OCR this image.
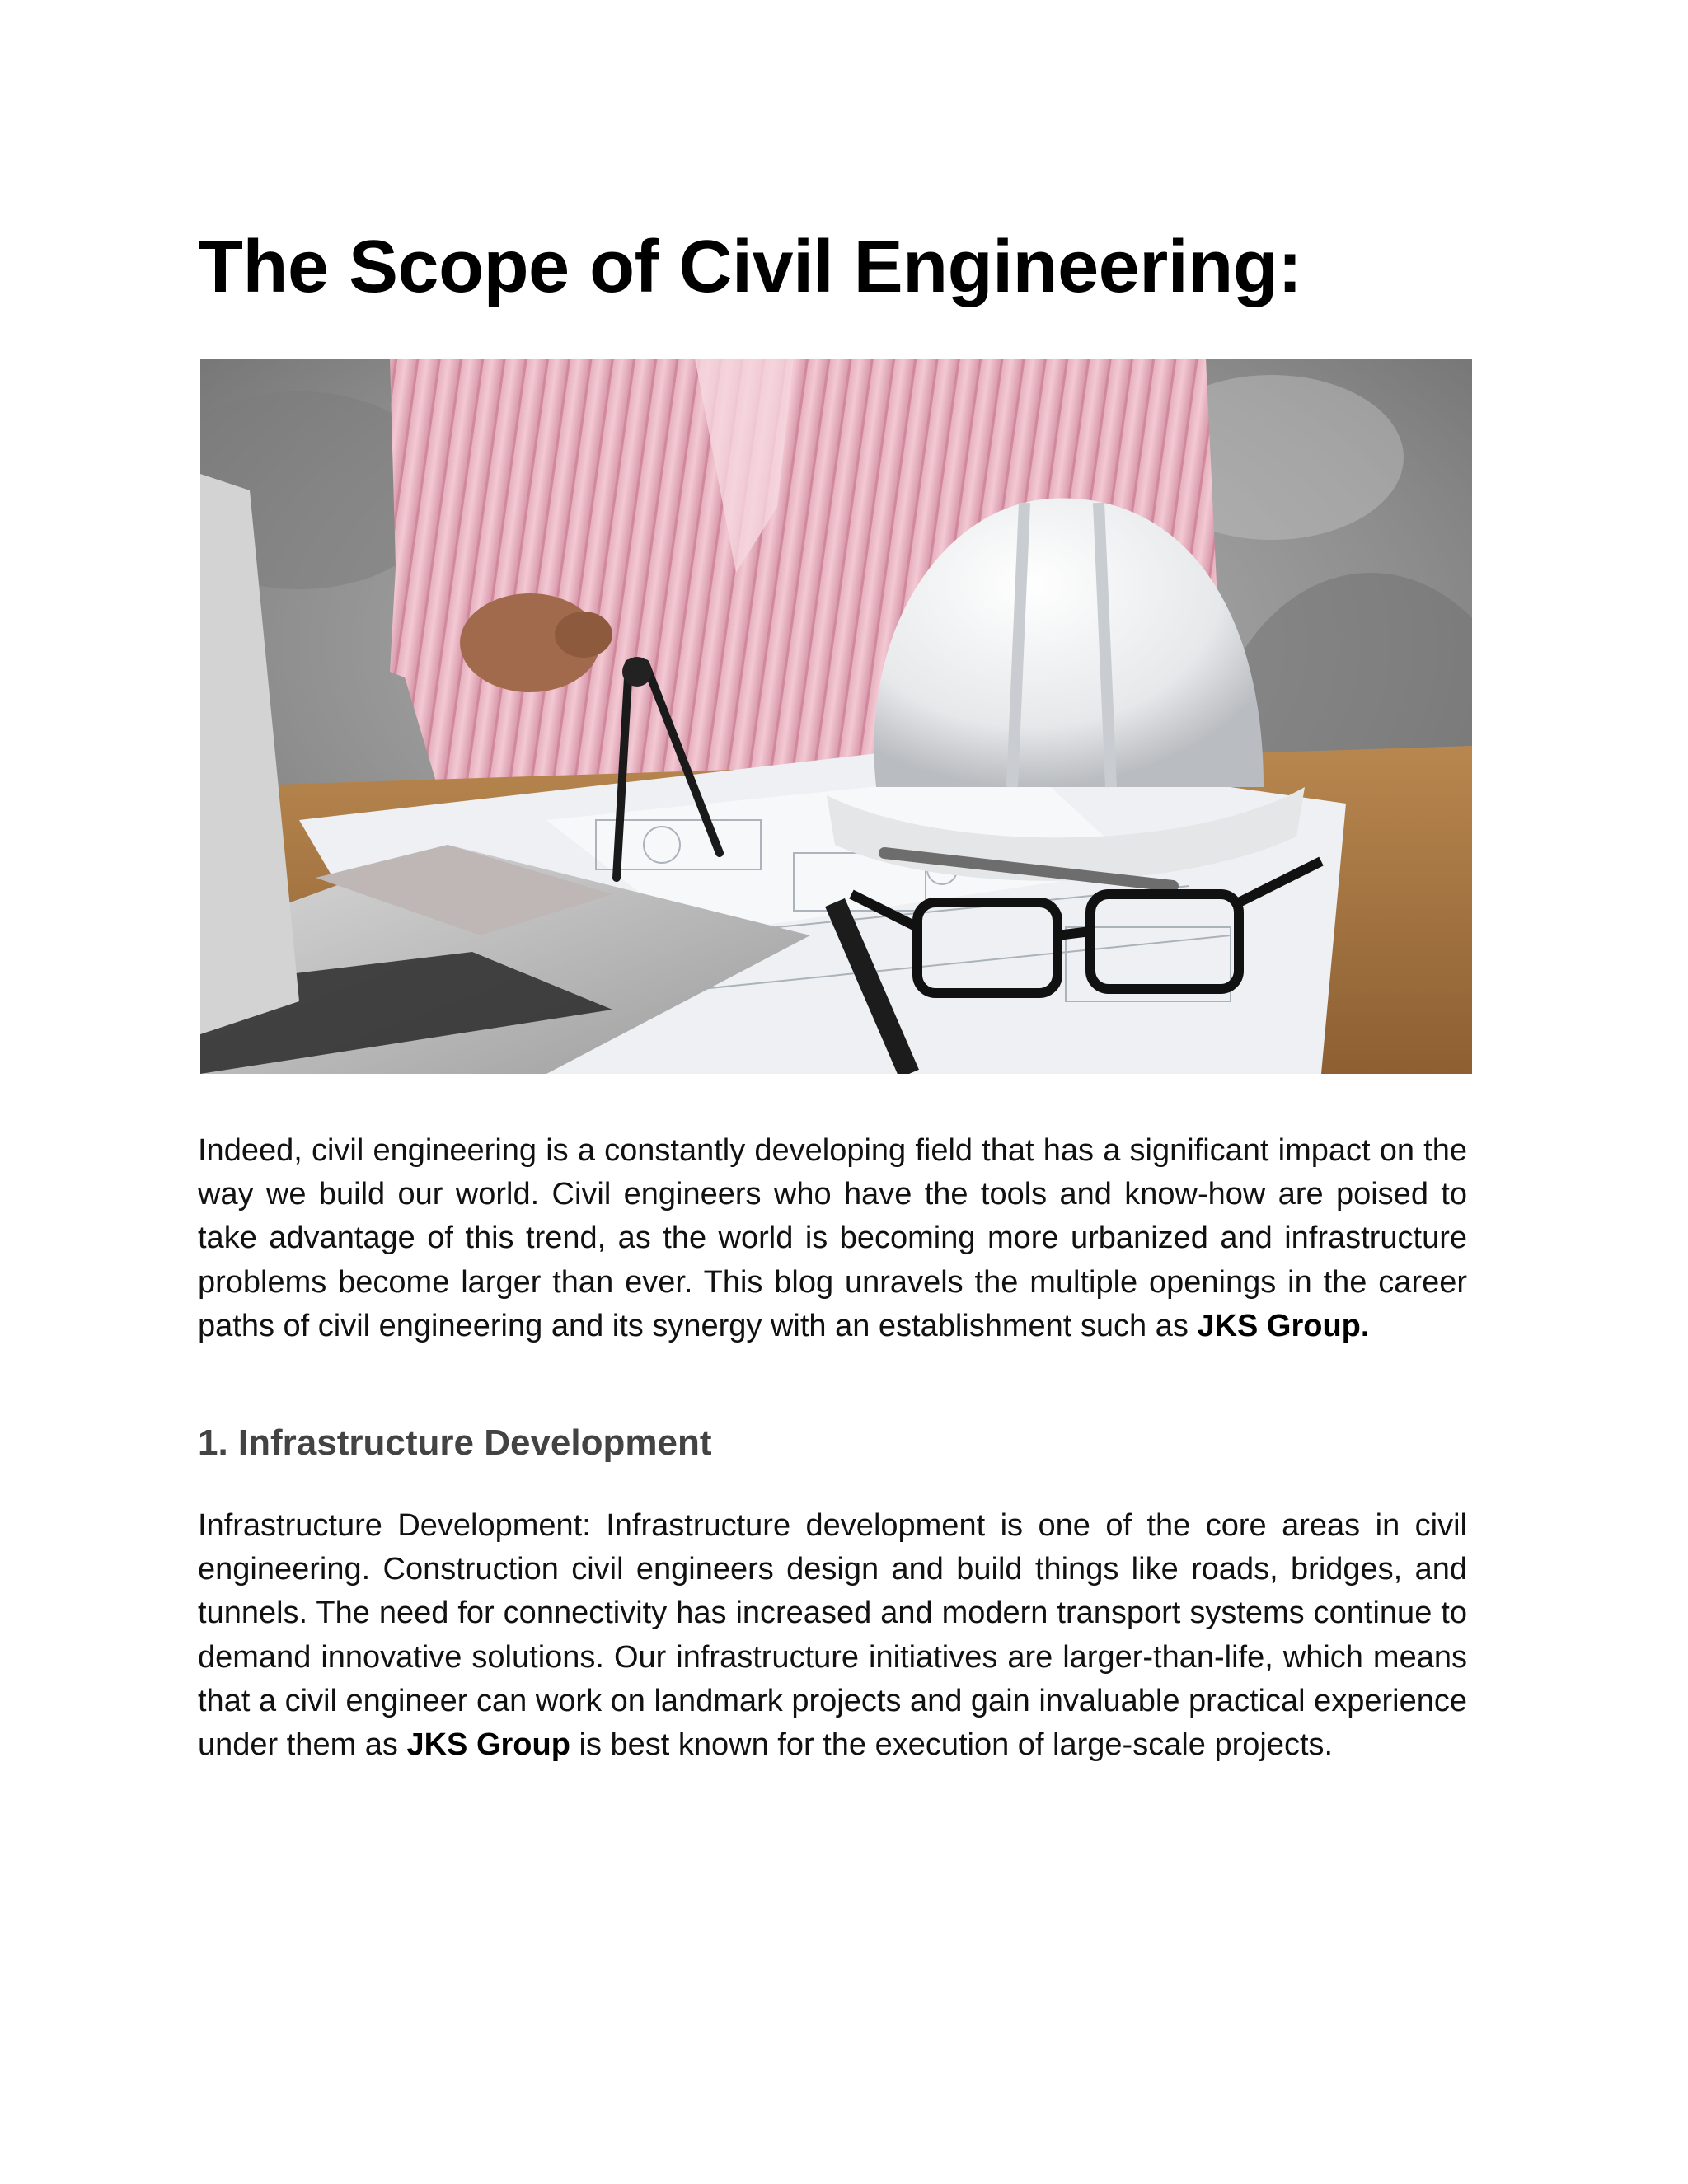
The Scope of Civil Engineering:

Indeed, civil engineering is a constantly developing field that has a significant impact on the way we build our world. Civil engineers who have the tools and know-how are poised to take advantage of this trend, as the world is becoming more urbanized and infrastructure problems become larger than ever. This blog unravels the multiple openings in the career paths of civil engineering and its synergy with an establishment such as JKS Group.

1. Infrastructure Development

Infrastructure Development: Infrastructure development is one of the core areas in civil engineering. Construction civil engineers design and build things like roads, bridges, and tunnels. The need for connectivity has increased and modern transport systems continue to demand innovative solutions. Our infrastructure initiatives are larger-than-life, which means that a civil engineer can work on landmark projects and gain invaluable practical experience under them as JKS Group is best known for the execution of large-scale projects.
